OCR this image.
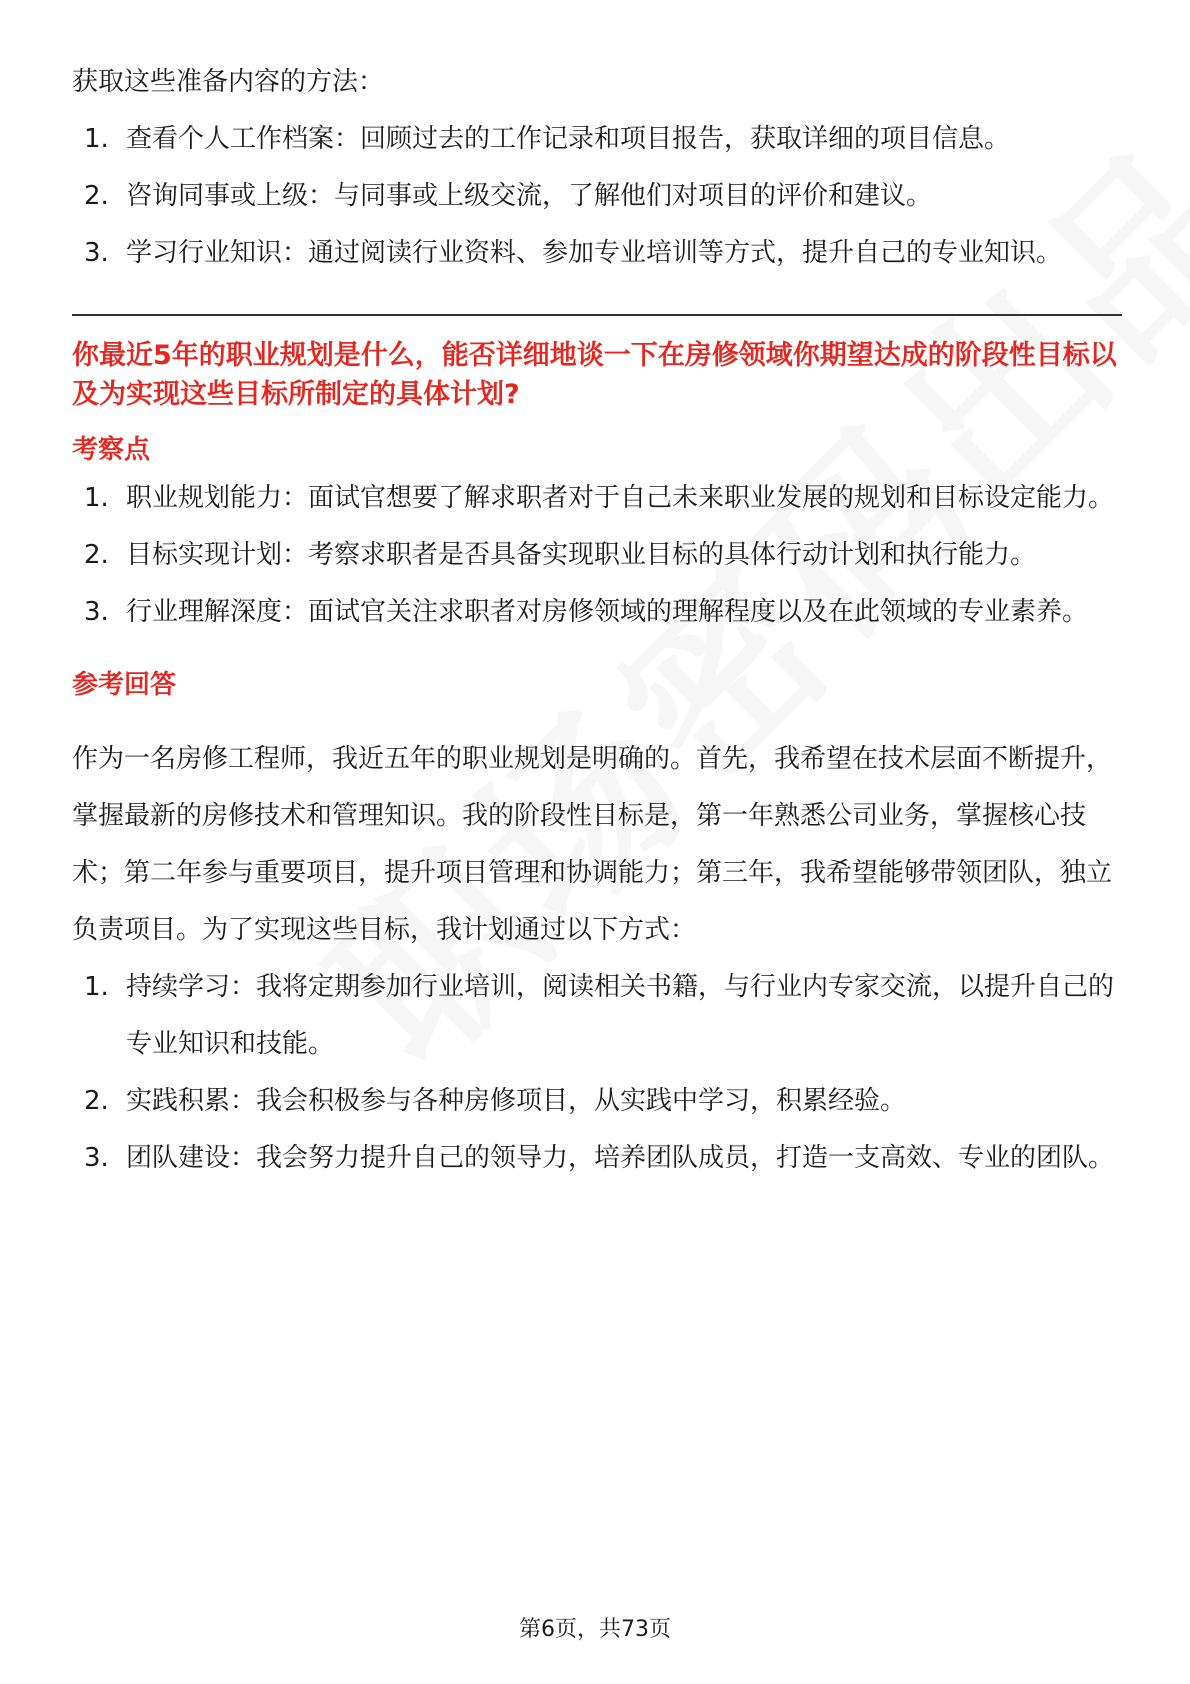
获取这些准备内容的方法：

1. 查看个人工作档案：回顾过去的工作记录和项目报告，获取详细的项目信息。
2. 咨询同事或上级：与同事或上级交流，了解他们对项目的评价和建议。
3. 学习行业知识：通过阅读行业资料、参加专业培训等方式，提升自己的专业知识。
你最近5年的职业规划是什么，能否详细地谈一下在房修领域你期望达成的阶段性目标以及为实现这些目标所制定的具体计划?
考察点
1. 职业规划能力：面试官想要了解求职者对于自己未来职业发展的规划和目标设定能力。
2. 目标实现计划：考察求职者是否具备实现职业目标的具体行动计划和执行能力。
3. 行业理解深度：面试官关注求职者对房修领域的理解程度以及在此领域的专业素养。
参考回答

作为一名房修工程师，我近五年的职业规划是明确的。首先，我希望在技术层面不断提升，掌握最新的房修技术和管理知识。我的阶段性目标是，第一年熟悉公司业务，掌握核心技术；第二年参与重要项目，提升项目管理和协调能力；第三年，我希望能够带领团队，独立负责项目。为了实现这些目标，我计划通过以下方式：

1. 持续学习：我将定期参加行业培训，阅读相关书籍，与行业内专家交流，以提升自己的专业知识和技能。
2. 实践积累：我会积极参与各种房修项目，从实践中学习，积累经验。
3. 团队建设：我会努力提升自己的领导力，培养团队成员，打造一支高效、专业的团队。
第6页，共73页
